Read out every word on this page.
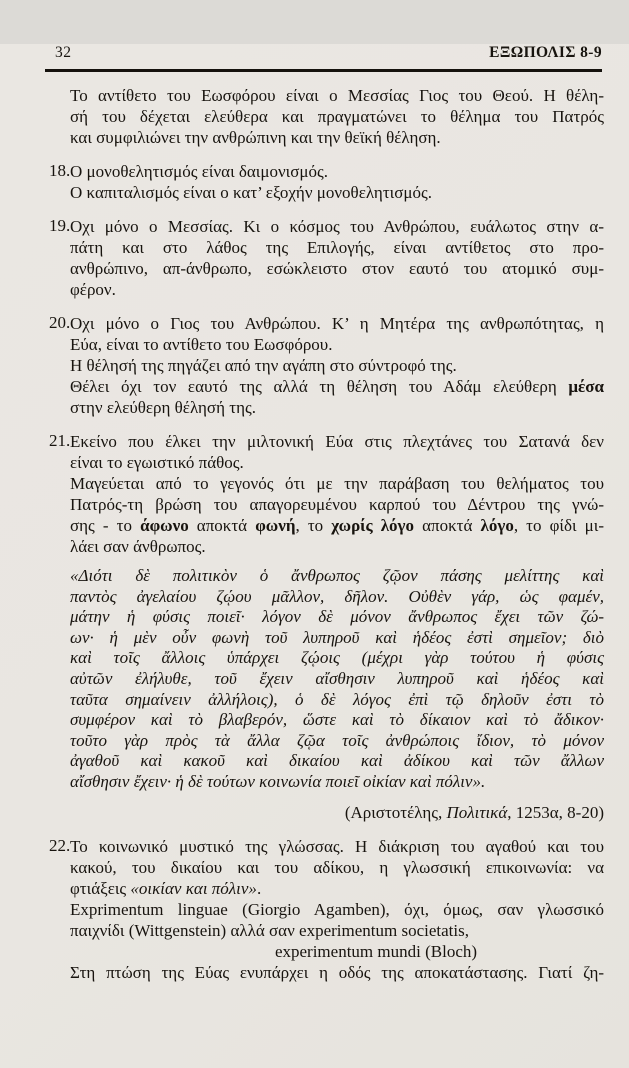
32	ΕΞΩΠΟΛΙΣ 8-9
Το αντίθετο του Εωσφόρου είναι ο Μεσσίας Γιος του Θεού. Η θέλη-
σή του δέχεται ελεύθερα και πραγματώνει το θέλημα του Πατρός
και συμφιλιώνει την ανθρώπινη και την θεϊκή θέληση.
18. Ο μονοθελητισμός είναι δαιμονισμός.
Ο καπιταλισμός είναι ο κατ’ εξοχήν μονοθελητισμός.
19. Οχι μόνο ο Μεσσίας. Κι ο κόσμος του Ανθρώπου, ευάλωτος στην α-
πάτη και στο λάθος της Επιλογής, είναι αντίθετος στο προ-
ανθρώπινο, απ-άνθρωπο, εσώκλειστο στον εαυτό του ατομικό συμ-
φέρον.
20. Οχι μόνο ο Γιος του Ανθρώπου. Κ’ η Μητέρα της ανθρωπότητας, η
Εύα, είναι το αντίθετο του Εωσφόρου.
Η θέλησή της πηγάζει από την αγάπη στο σύντροφό της.
Θέλει όχι τον εαυτό της αλλά τη θέληση του Αδάμ ελεύθερη μέσα
στην ελεύθερη θέλησή της.
21. Εκείνο που έλκει την μιλτονική Εύα στις πλεχτάνες του Σατανά δεν
είναι το εγωιστικό πάθος.
Μαγεύεται από το γεγονός ότι με την παράβαση του θελήματος του
Πατρός-τη βρώση του απαγορευμένου καρπού του Δέντρου της γνώ-
σης - το άφωνο αποκτά φωνή, το χωρίς λόγο αποκτά λόγο, το φίδι μι-
λάει σαν άνθρωπος.
«Διότι δὲ πολιτικὸν ὁ ἄνθρωπος ζῷον πάσης μελίττης καὶ
παντὸς ἀγελαίου ζῴου μᾶλλον, δῆλον. Οὐθὲν γάρ, ὡς φαμέν,
μάτην ἡ φύσις ποιεῖ· λόγον δὲ μόνον ἄνθρωπος ἔχει τῶν ζώ-
ων· ἡ μὲν οὖν φωνὴ τοῦ λυπηροῦ καὶ ἡδέος ἐστὶ σημεῖον; διὸ
καὶ τοῖς ἄλλοις ὑπάρχει ζῴοις (μέχρι γὰρ τούτου ἡ φύσις
αὐτῶν ἐλήλυθε, τοῦ ἔχειν αἴσθησιν λυπηροῦ καὶ ἡδέος καὶ
ταῦτα σημαίνειν ἀλλήλοις), ὁ δὲ λόγος ἐπὶ τῷ δηλοῦν ἐστι τὸ
συμφέρον καὶ τὸ βλαβερόν, ὥστε καὶ τὸ δίκαιον καὶ τὸ ἄδικον·
τοῦτο γὰρ πρὸς τὰ ἄλλα ζῷα τοῖς ἀνθρώποις ἴδιον, τὸ μόνον
ἀγαθοῦ καὶ κακοῦ καὶ δικαίου καὶ ἀδίκου καὶ τῶν ἄλλων
αἴσθησιν ἔχειν· ἡ δὲ τούτων κοινωνία ποιεῖ οἰκίαν καὶ πόλιν».
(Αριστοτέλης, Πολιτικά, 1253α, 8-20)
22. Το κοινωνικό μυστικό της γλώσσας. Η διάκριση του αγαθού και του
κακού, του δικαίου και του αδίκου, η γλωσσική επικοινωνία: να
φτιάξεις «οικίαν και πόλιν».
Exprimentum linguae (Giorgio Agamben), όχι, όμως, σαν γλωσσικό
παιχνίδι (Wittgenstein) αλλά σαν experimentum societatis,
experimentum mundi (Bloch)
Στη πτώση της Εύας ενυπάρχει η οδός της αποκατάστασης. Γιατί ζη-
